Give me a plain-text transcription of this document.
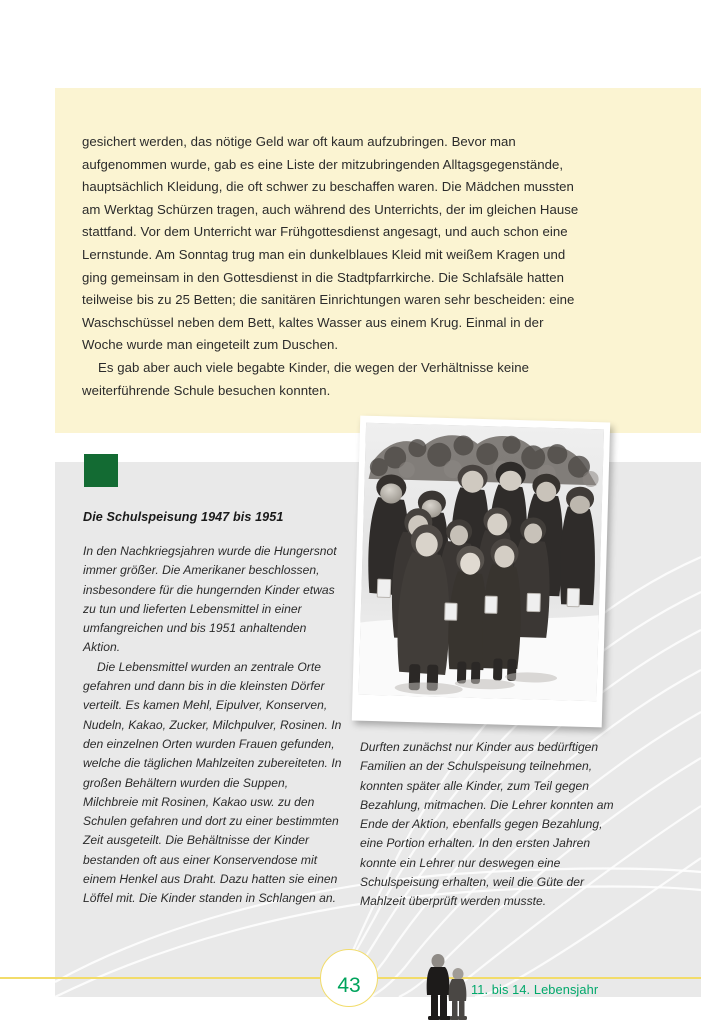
gesichert werden, das nötige Geld war oft kaum aufzubringen. Bevor man aufgenommen wurde, gab es eine Liste der mitzubringenden Alltagsgegenstände, hauptsächlich Kleidung, die oft schwer zu beschaffen waren. Die Mädchen mussten am Werktag Schürzen tragen, auch während des Unterrichts, der im gleichen Hause stattfand. Vor dem Unterricht war Frühgottesdienst angesagt, und auch schon eine Lernstunde. Am Sonntag trug man ein dunkelblaues Kleid mit weißem Kragen und ging gemeinsam in den Gottesdienst in die Stadtpfarrkirche. Die Schlafsäle hatten teilweise bis zu 25 Betten; die sanitären Einrichtungen waren sehr bescheiden: eine Waschschüssel neben dem Bett, kaltes Wasser aus einem Krug. Einmal in der Woche wurde man eingeteilt zum Duschen.

Es gab aber auch viele begabte Kinder, die wegen der Verhältnisse keine weiterführende Schule besuchen konnten.

Die Schulspeisung 1947 bis 1951

In den Nachkriegsjahren wurde die Hungersnot immer größer. Die Amerikaner beschlossen, insbesondere für die hungernden Kinder etwas zu tun und lieferten Lebensmittel in einer umfangreichen und bis 1951 anhaltenden Aktion.

Die Lebensmittel wurden an zentrale Orte gefahren und dann bis in die kleinsten Dörfer verteilt. Es kamen Mehl, Eipulver, Konserven, Nudeln, Kakao, Zucker, Milchpulver, Rosinen. In den einzelnen Orten wurden Frauen gefunden, welche die täglichen Mahlzeiten zubereiteten. In großen Behältern wurden die Suppen, Milchbreie mit Rosinen, Kakao usw. zu den Schulen gefahren und dort zu einer bestimmten Zeit ausgeteilt. Die Behältnisse der Kinder bestanden oft aus einer Konservendose mit einem Henkel aus Draht. Dazu hatten sie einen Löffel mit. Die Kinder standen in Schlangen an.

Durften zunächst nur Kinder aus bedürftigen Familien an der Schulspeisung teilnehmen, konnten später alle Kinder, zum Teil gegen Bezahlung, mitmachen. Die Lehrer konnten am Ende der Aktion, ebenfalls gegen Bezahlung, eine Portion erhalten. In den ersten Jahren konnte ein Lehrer nur deswegen eine Schulspeisung erhalten, weil die Güte der Mahlzeit überprüft werden musste.

43	11. bis 14. Lebensjahr
